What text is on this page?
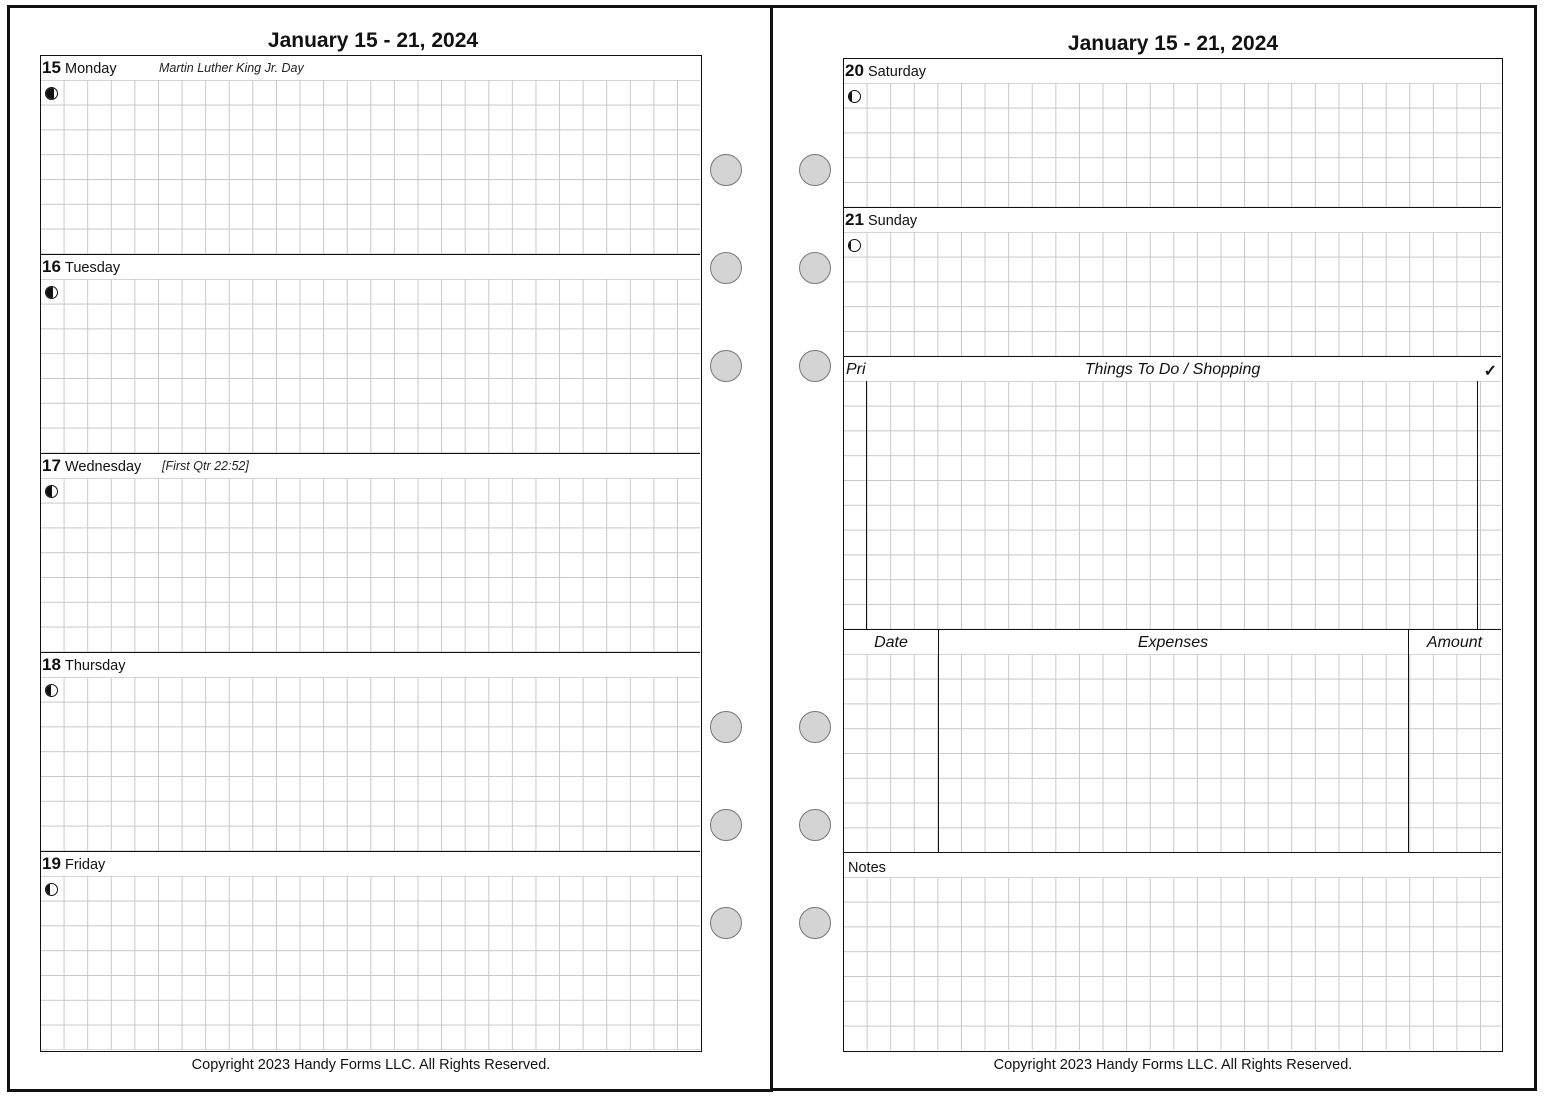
January 15 - 21, 2024
15 Monday	Martin Luther King Jr. Day
16 Tuesday
17 Wednesday [First Qtr 22:52]
18 Thursday
19 Friday
Copyright 2023 Handy Forms LLC. All Rights Reserved.
January 15 - 21, 2024
20 Saturday
21 Sunday
Pri	Things To Do / Shopping	✓
Date	Expenses	Amount
Notes
Copyright 2023 Handy Forms LLC. All Rights Reserved.
